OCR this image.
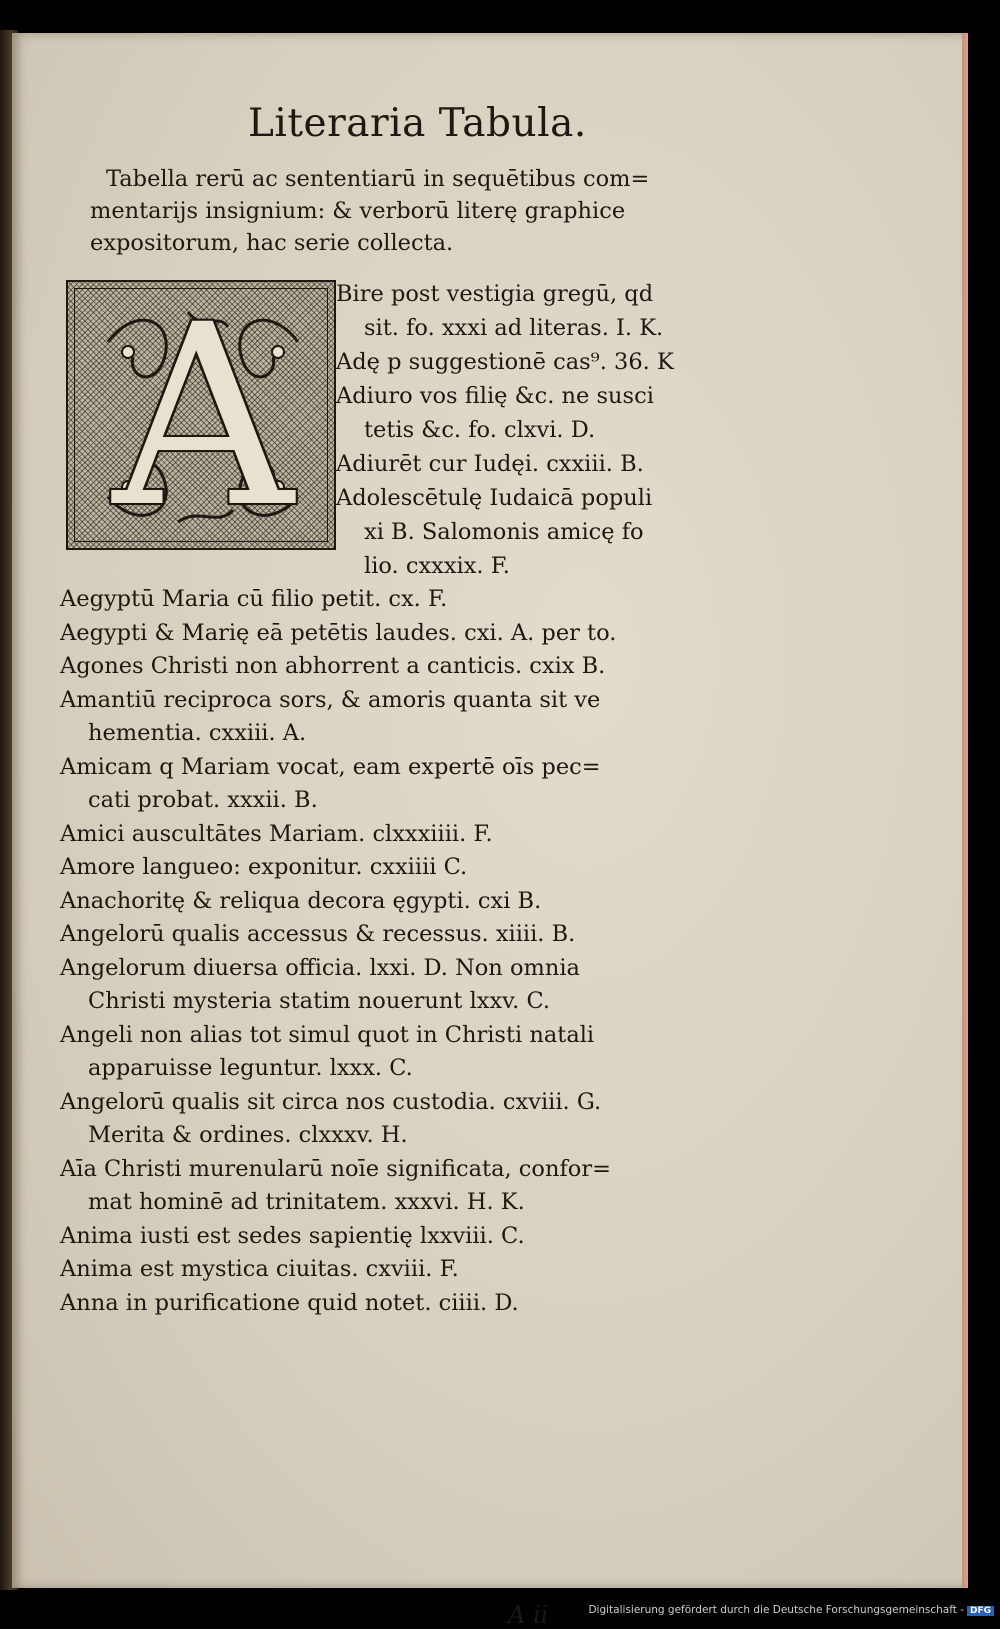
Literaria Tabula.
Tabella rerū ac sententiarū in sequētibus com=
mentarijs insignium: & verborū literę graphice
expositorum, hac serie collecta.
A	Bire post vestigia gregū, qd
sit. fo. xxxi ad literas. I. K.
Adę p suggestionē cas⁹. 36. K
Adiuro vos filię &c. ne susci
tetis &c. fo. clxvi. D.
Adiurēt cur Iudęi. cxxiii. B.
Adolescētulę Iudaicā populi
xi B. Salomonis amicę fo
lio. cxxxix. F.
Aegyptū Maria cū filio petit. cx. F.
Aegypti & Marię eā petētis laudes. cxi. A. per to.
Agones Christi non abhorrent a canticis. cxix B.
Amantiū reciproca sors, & amoris quanta sit ve
hementia. cxxiii. A.
Amicam q Mariam vocat, eam expertē oīs pec=
cati probat. xxxii. B.
Amici auscultātes Mariam. clxxxiiii. F.
Amore langueo: exponitur. cxxiiii C.
Anachoritę & reliqua decora ęgypti. cxi B.
Angelorū qualis accessus & recessus. xiiii. B.
Angelorum diuersa officia. lxxi. D. Non omnia
Christi mysteria statim nouerunt lxxv. C.
Angeli non alias tot simul quot in Christi natali
apparuisse leguntur. lxxx. C.
Angelorū qualis sit circa nos custodia. cxviii. G.
Merita & ordines. clxxxv. H.
Aīa Christi murenularū noīe significata, confor=
mat hominē ad trinitatem. xxxvi. H. K.
Anima iusti est sedes sapientię lxxviii. C.
Anima est mystica ciuitas. cxviii. F.
Anna in purificatione quid notet. ciiii. D.
A ii	Digitalisierung gefördert durch die Deutsche Forschungsgemeinschaft - DFG
